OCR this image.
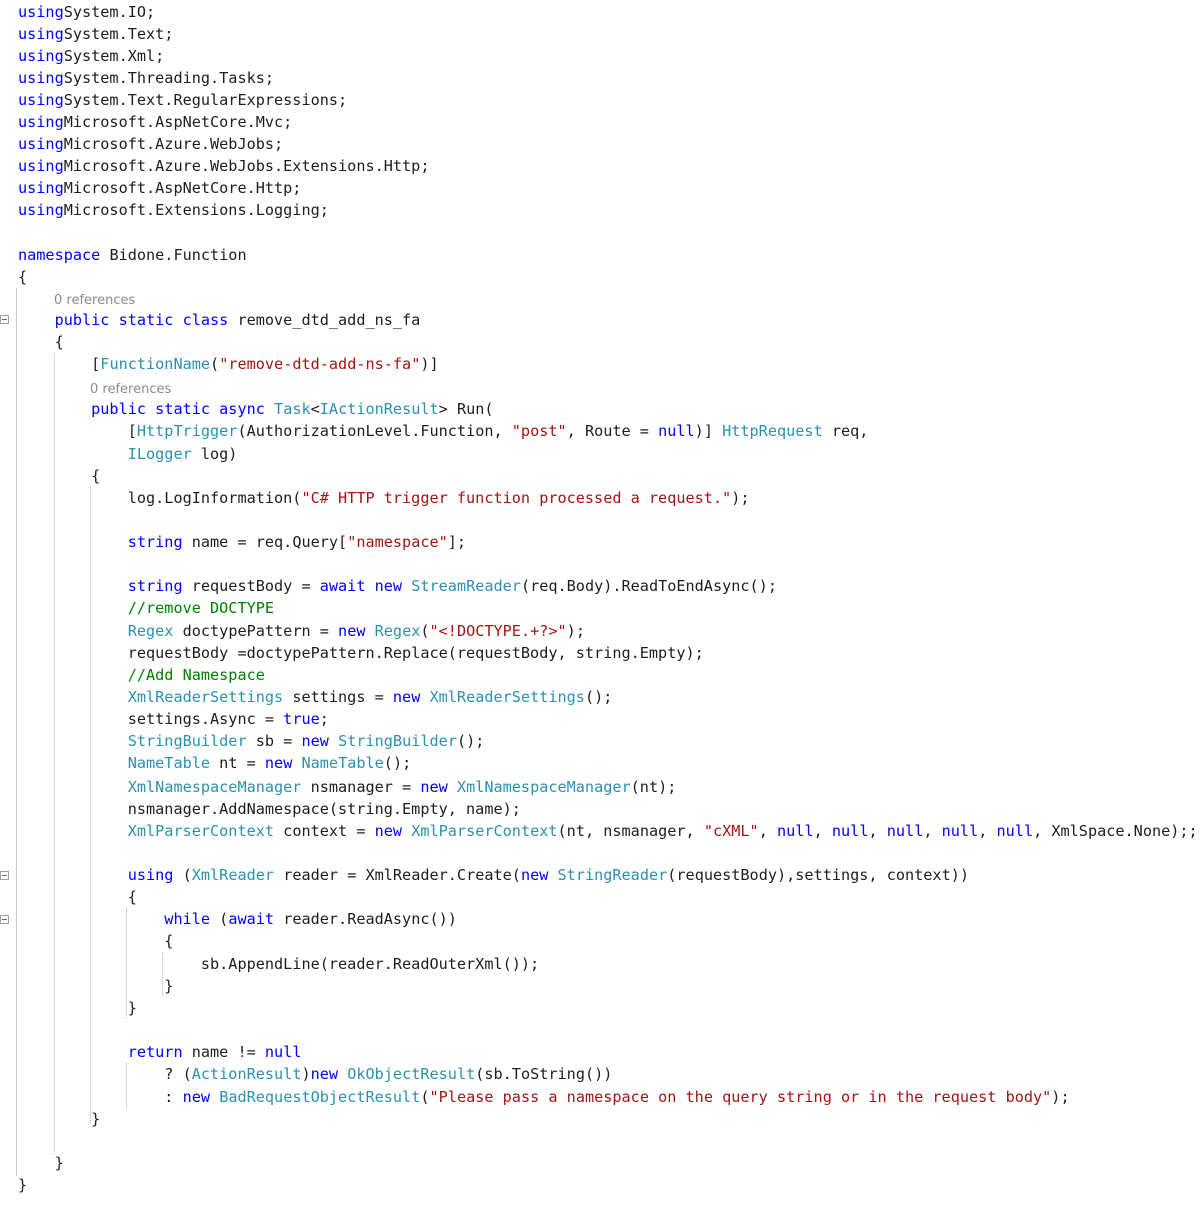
0 references
0 references
usingSystem.IO;
usingSystem.Text;
usingSystem.Xml;
usingSystem.Threading.Tasks;
usingSystem.Text.RegularExpressions;
usingMicrosoft.AspNetCore.Mvc;
usingMicrosoft.Azure.WebJobs;
usingMicrosoft.Azure.WebJobs.Extensions.Http;
usingMicrosoft.AspNetCore.Http;
usingMicrosoft.Extensions.Logging;
namespace Bidone.Function
{
public static class remove_dtd_add_ns_fa
{
[FunctionName("remove-dtd-add-ns-fa")]
public static async Task<IActionResult> Run(
[HttpTrigger(AuthorizationLevel.Function, "post", Route = null)] HttpRequest req,
ILogger log)
{
log.LogInformation("C# HTTP trigger function processed a request.");
string name = req.Query["namespace"];
string requestBody = await new StreamReader(req.Body).ReadToEndAsync();
//remove DOCTYPE
Regex doctypePattern = new Regex("<!DOCTYPE.+?>");
requestBody =doctypePattern.Replace(requestBody, string.Empty);
//Add Namespace
XmlReaderSettings settings = new XmlReaderSettings();
settings.Async = true;
StringBuilder sb = new StringBuilder();
NameTable nt = new NameTable();
XmlNamespaceManager nsmanager = new XmlNamespaceManager(nt);
nsmanager.AddNamespace(string.Empty, name);
XmlParserContext context = new XmlParserContext(nt, nsmanager, "cXML", null, null, null, null, null, XmlSpace.None);;
using (XmlReader reader = XmlReader.Create(new StringReader(requestBody),settings, context))
{
while (await reader.ReadAsync())
{
sb.AppendLine(reader.ReadOuterXml());
}
}
return name != null
? (ActionResult)new OkObjectResult(sb.ToString())
: new BadRequestObjectResult("Please pass a namespace on the query string or in the request body");
}
}
}
